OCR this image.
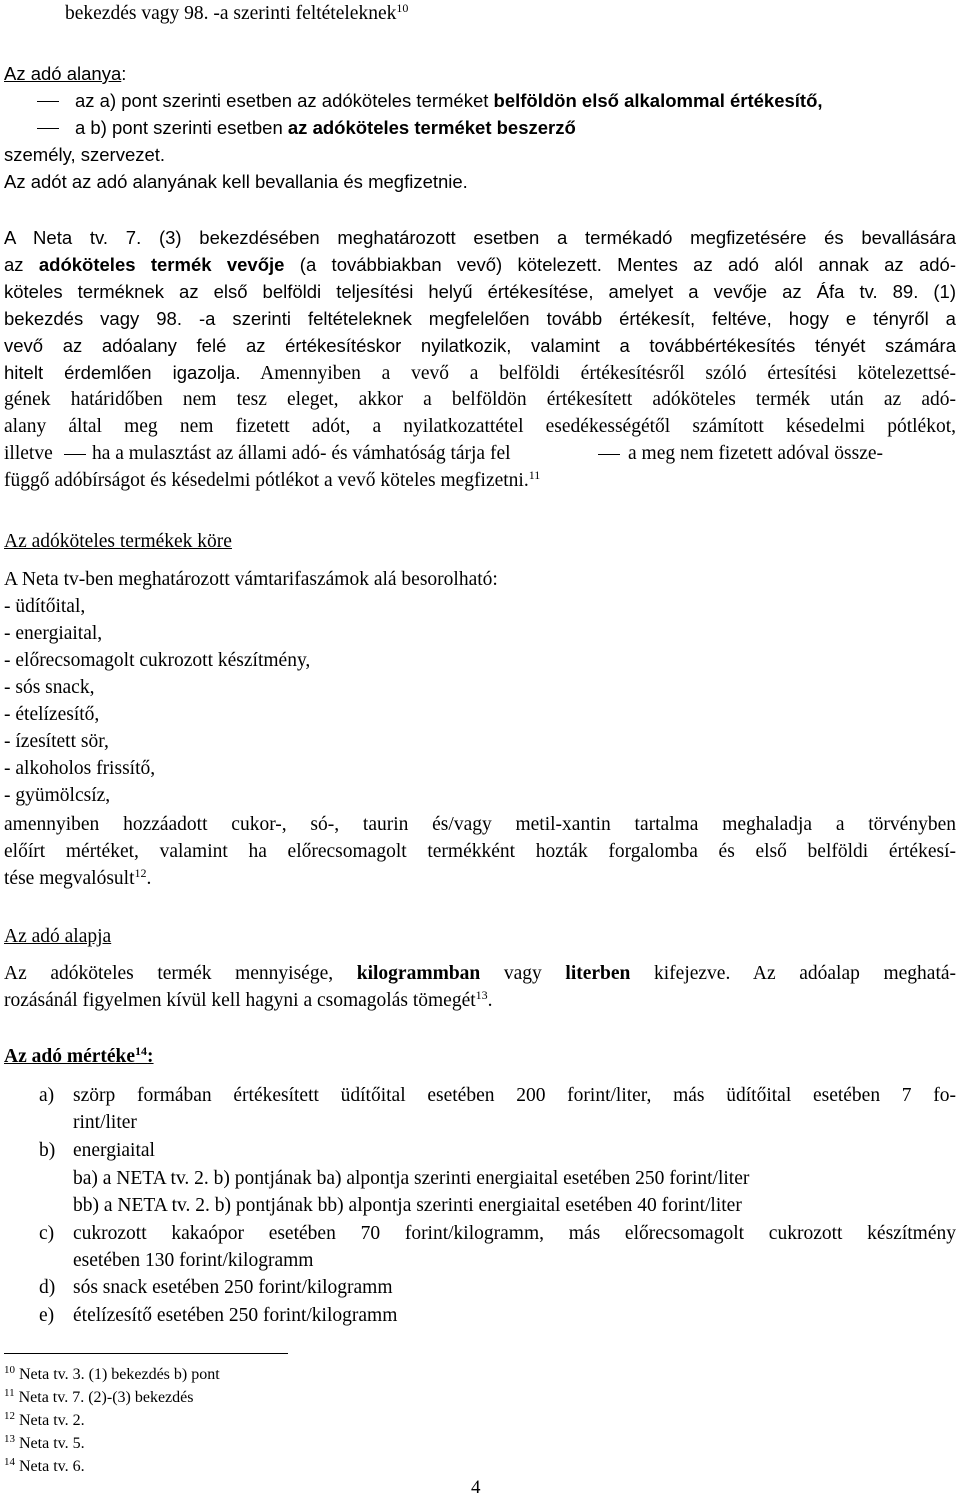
bekezdés vagy 98. -a szerinti feltételeknek$^{10}$
Az adó alanya:
az a) pont szerinti esetben az adóköteles terméket belföldön első alkalommal értékesítő,
a b) pont szerinti esetben az adóköteles terméket beszerző
személy, szervezet.
Az adót az adó alanyának kell bevallania és megfizetnie.
A Neta tv. 7. (3) bekezdésében meghatározott esetben a termékadó megfizetésére és bevallására
az adóköteles termék vevője (a továbbiakban vevő) kötelezett. Mentes az adó alól annak az adó-
köteles terméknek az első belföldi teljesítési helyű értékesítése, amelyet a vevője az Áfa tv. 89. (1)
bekezdés vagy 98. -a szerinti feltételeknek megfelelően tovább értékesít, feltéve, hogy e tényről a
vevő az adóalany felé az értékesítéskor nyilatkozik, valamint a továbbértékesítés tényét számára
hitelt érdemlően igazolja. Amennyiben a vevő a belföldi értékesítésről szóló értesítési kötelezettsé-
gének határidőben nem tesz eleget, akkor a belföldön értékesített adóköteles termék után az adó-
alany által meg nem fizetett adót, a nyilatkozattétel esedékességétől számított késedelmi pótlékot,
illetve ha a mulasztást az állami adó- és vámhatóság tárja fel	a meg nem fizetett adóval össze-
függő adóbírságot és késedelmi pótlékot a vevő köteles megfizetni.$^{11}$
Az adóköteles termékek köre
A Neta tv-ben meghatározott vámtarifaszámok alá besorolható:
- üdítőital,
- energiaital,
- előrecsomagolt cukrozott készítmény,
- sós snack,
- ételízesítő,
- ízesített sör,
- alkoholos frissítő,
- gyümölcsíz,
amennyiben hozzáadott cukor-, só-, taurin és/vagy metil-xantin tartalma meghaladja a törvényben
előírt mértéket, valamint ha előrecsomagolt termékként hozták forgalomba és első belföldi értékesí-
tése megvalósult$^{12}$.
Az adó alapja
Az adóköteles termék mennyisége, kilogrammban vagy literben kifejezve. Az adóalap meghatá-
rozásánál figyelmen kívül kell hagyni a csomagolás tömegét$^{13}$.
Az adó mértéke$^{14}$:
a) szörp formában értékesített üdítőital esetében 200 forint/liter, más üdítőital esetében 7 fo-
rint/liter
b) energiaital
ba) a NETA tv. 2. b) pontjának ba) alpontja szerinti energiaital esetében 250 forint/liter
bb) a NETA tv. 2. b) pontjának bb) alpontja szerinti energiaital esetében 40 forint/liter
c) cukrozott kakaópor esetében 70 forint/kilogramm, más előrecsomagolt cukrozott készítmény
esetében 130 forint/kilogramm
d) sós snack esetében 250 forint/kilogramm
e) ételízesítő esetében 250 forint/kilogramm
$^{10}$ Neta tv. 3. (1) bekezdés b) pont
$^{11}$ Neta tv. 7. (2)-(3) bekezdés
$^{12}$ Neta tv. 2.
$^{13}$ Neta tv. 5.
$^{14}$ Neta tv. 6.
4
